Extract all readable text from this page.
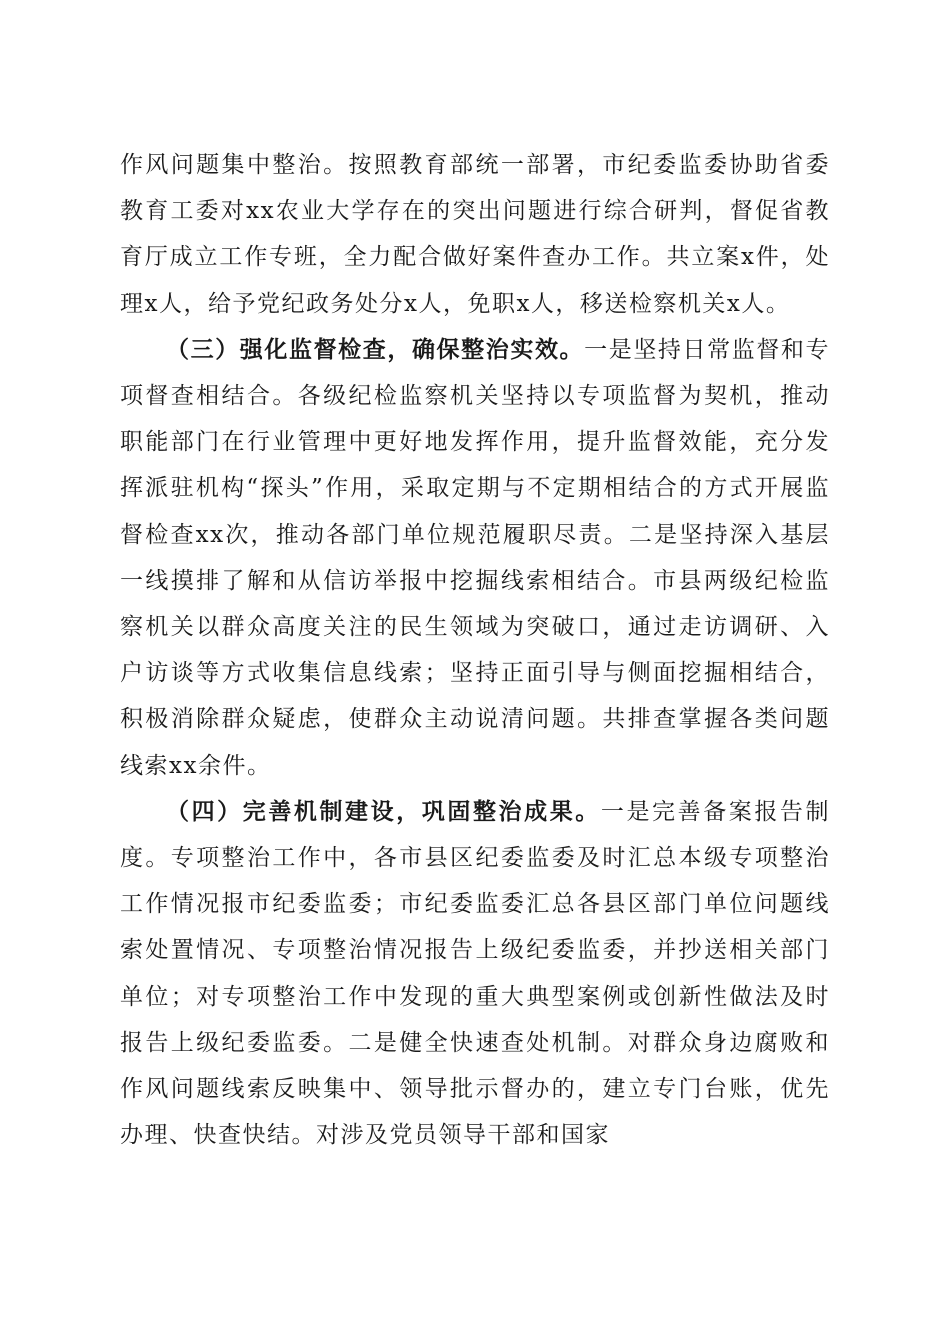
作风问题集中整治。按照教育部统一部署，市纪委监委协助省委教育工委对xx农业大学存在的突出问题进行综合研判，督促省教育厅成立工作专班，全力配合做好案件查办工作。共立案x件，处理x人，给予党纪政务处分x人，免职x人，移送检察机关x人。

（三）强化监督检查，确保整治实效。一是坚持日常监督和专项督查相结合。各级纪检监察机关坚持以专项监督为契机，推动职能部门在行业管理中更好地发挥作用，提升监督效能，充分发挥派驻机构“探头”作用，采取定期与不定期相结合的方式开展监督检查xx次，推动各部门单位规范履职尽责。二是坚持深入基层一线摸排了解和从信访举报中挖掘线索相结合。市县两级纪检监察机关以群众高度关注的民生领域为突破口，通过走访调研、入户访谈等方式收集信息线索；坚持正面引导与侧面挖掘相结合，积极消除群众疑虑，使群众主动说清问题。共排查掌握各类问题线索xx余件。

（四）完善机制建设，巩固整治成果。一是完善备案报告制度。专项整治工作中，各市县区纪委监委及时汇总本级专项整治工作情况报市纪委监委；市纪委监委汇总各县区部门单位问题线索处置情况、专项整治情况报告上级纪委监委，并抄送相关部门单位；对专项整治工作中发现的重大典型案例或创新性做法及时报告上级纪委监委。二是健全快速查处机制。对群众身边腐败和作风问题线索反映集中、领导批示督办的，建立专门台账，优先办理、快查快结。对涉及党员领导干部和国家
